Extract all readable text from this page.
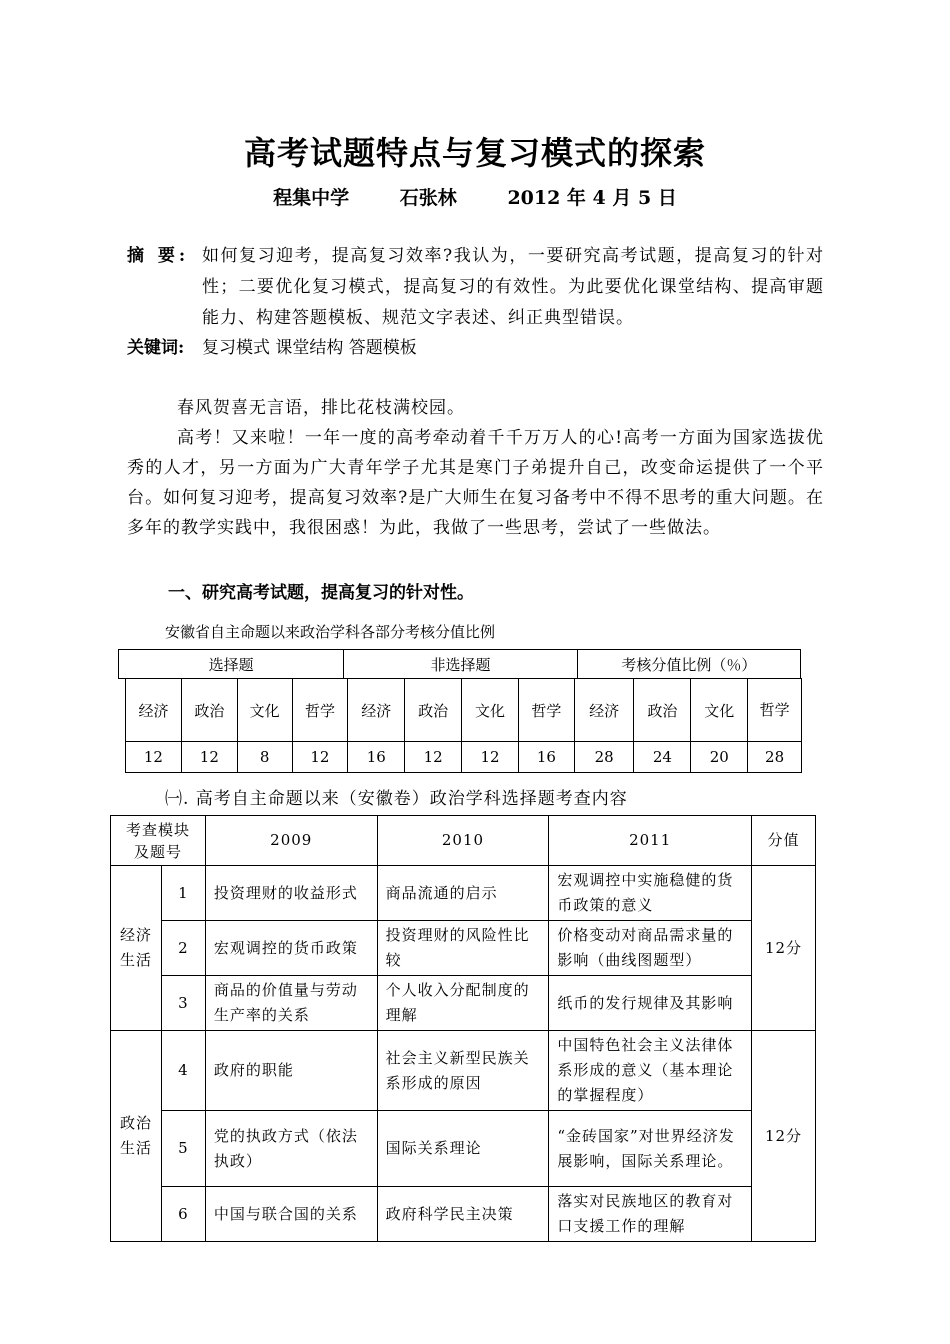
高考试题特点与复习模式的探索
程集中学	石张林	2012 年 4 月 5 日
摘 要: 如何复习迎考，提高复习效率?我认为，一要研究高考试题，提高复习的针对性；二要优化复习模式，提高复习的有效性。为此要优化课堂结构、提高审题能力、构建答题模板、规范文字表述、纠正典型错误。
关键词: 复习模式 课堂结构 答题模板
春风贺喜无言语，排比花枝满校园。
高考！又来啦！一年一度的高考牵动着千千万万人的心!高考一方面为国家选拔优秀的人才，另一方面为广大青年学子尤其是寒门子弟提升自己，改变命运提供了一个平台。如何复习迎考，提高复习效率?是广大师生在复习备考中不得不思考的重大问题。在多年的教学实践中，我很困惑！为此，我做了一些思考，尝试了一些做法。
一、研究高考试题，提高复习的针对性。
安徽省自主命题以来政治学科各部分考核分值比例
选择题	非选择题	考核分值比例（％）
经济	政治	文化	哲学	经济	政治	文化	哲学	经济	政治	文化	哲学
12	12	8	12	16	12	12	16	28	24	20	28
㈠. 高考自主命题以来（安徽卷）政治学科选择题考查内容
考查模块及题号		2009	2010	2011	分值
经济生活	1	投资理财的收益形式	商品流通的启示	宏观调控中实施稳健的货币政策的意义	12分
	2	宏观调控的货币政策	投资理财的风险性比较	价格变动对商品需求量的影响（曲线图题型）	
	3	商品的价值量与劳动生产率的关系	个人收入分配制度的理解	纸币的发行规律及其影响	
政治生活	4	政府的职能	社会主义新型民族关系形成的原因	中国特色社会主义法律体系形成的意义（基本理论的掌握程度）	12分
	5	党的执政方式（依法执政）	国际关系理论	“金砖国家”对世界经济发展影响，国际关系理论。	
	6	中国与联合国的关系	政府科学民主决策	落实对民族地区的教育对口支援工作的理解	
